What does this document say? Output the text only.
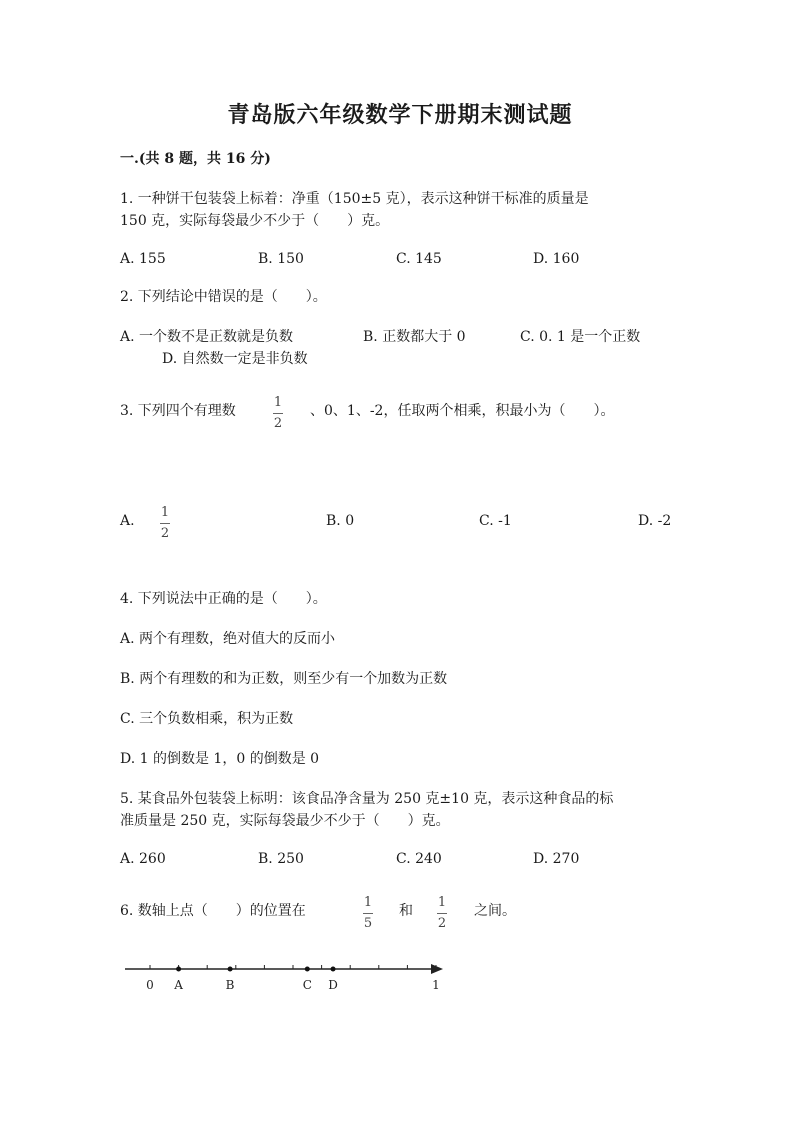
青岛版六年级数学下册期末测试题
一.(共 8 题，共 16 分)
1. 一种饼干包装袋上标着：净重（150±5 克），表示这种饼干标准的质量是
150 克，实际每袋最少不少于（　　）克。
A. 155	B. 150	C. 145	D. 160
2. 下列结论中错误的是（　　）。
A. 一个数不是正数就是负数	B. 正数都大于 0	C. 0. 1 是一个正数
D. 自然数一定是非负数
3. 下列四个有理数
1
2
、0、1、-2，任取两个相乘，积最小为（　　）。
A.
1
2
B. 0	C. -1	D. -2
4. 下列说法中正确的是（　　）。
A. 两个有理数，绝对值大的反而小
B. 两个有理数的和为正数，则至少有一个加数为正数
C. 三个负数相乘，积为正数
D. 1 的倒数是 1，0 的倒数是 0
5. 某食品外包装袋上标明：该食品净含量为 250 克±10 克，表示这种食品的标
准质量是 250 克，实际每袋最少不少于（　　）克。
A. 260	B. 250	C. 240	D. 270
6. 数轴上点（　　）的位置在
1
5
和
1
2
之间。
0	1
A	B	C D
